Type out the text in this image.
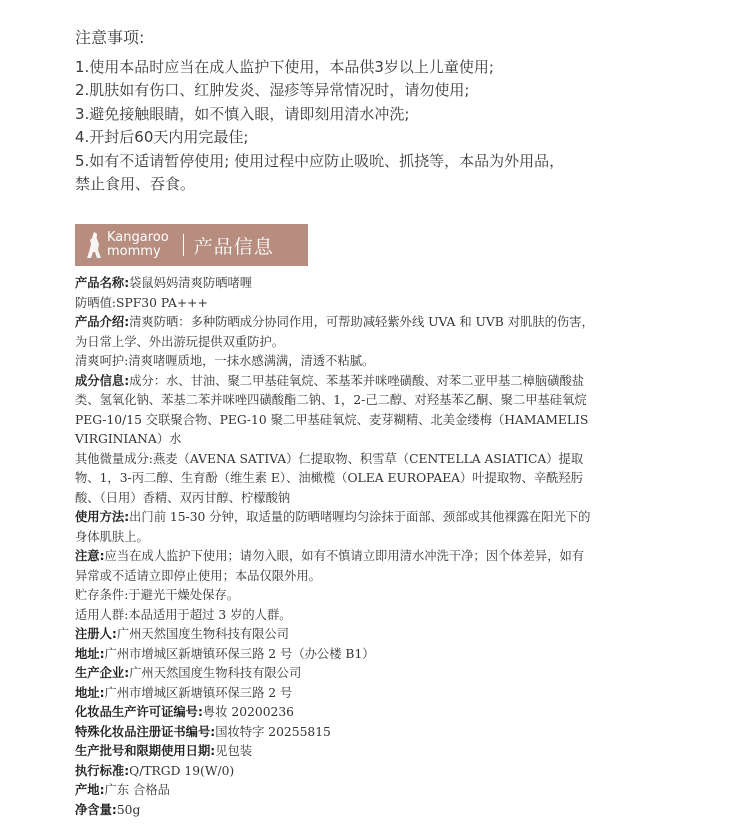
注意事项:

1.使用本品时应当在成人监护下使用，本品供3岁以上儿童使用;

2.肌肤如有伤口、红肿发炎、湿疹等异常情况时，请勿使用;

3.避免接触眼睛，如不慎入眼，请即刻用清水冲洗;

4.开封后60天内用完最佳;

5.如有不适请暂停使用; 使用过程中应防止吸吮、抓挠等，本品为外用品，

禁止食用、吞食。

Kangaroo
mommy	产品信息

产品名称:袋鼠妈妈清爽防晒啫喱

防晒值:SPF30 PA+++

产品介绍:清爽防晒：多种防晒成分协同作用，可帮助减轻紫外线 UVA 和 UVB 对肌肤的伤害，为日常上学、外出游玩提供双重防护。

清爽呵护:清爽啫喱质地，一抹水感满满，清透不粘腻。

成分信息:成分：水、甘油、聚二甲基硅氧烷、苯基苯并咪唑磺酸、对苯二亚甲基二樟脑磺酸盐类、氢氧化钠、苯基二苯并咪唑四磺酸酯二钠、1，2-己二醇、对羟基苯乙酮、聚二甲基硅氧烷 PEG-10/15 交联聚合物、PEG-10 聚二甲基硅氧烷、麦芽糊精、北美金缕梅（HAMAMELIS VIRGINIANA）水

其他微量成分:燕麦（AVENA SATIVA）仁提取物、积雪草（CENTELLA ASIATICA）提取物、1，3-丙二醇、生育酚（维生素 E）、油橄榄（OLEA EUROPAEA）叶提取物、辛酰羟肟酸、（日用）香精、双丙甘醇、柠檬酸钠

使用方法:出门前 15-30 分钟，取适量的防晒啫喱均匀涂抹于面部、颈部或其他裸露在阳光下的身体肌肤上。

注意:应当在成人监护下使用；请勿入眼，如有不慎请立即用清水冲洗干净；因个体差异，如有异常或不适请立即停止使用；本品仅限外用。

贮存条件:于避光干燥处保存。

适用人群:本品适用于超过 3 岁的人群。

注册人:广州天然国度生物科技有限公司

地址:广州市增城区新塘镇环保三路 2 号（办公楼 B1）

生产企业:广州天然国度生物科技有限公司

地址:广州市增城区新塘镇环保三路 2 号

化妆品生产许可证编号:粤妆 20200236

特殊化妆品注册证书编号:国妆特字 20255815

生产批号和限期使用日期:见包装

执行标准:Q/TRGD 19(W/0)

产地:广东 合格品

净含量:50g
